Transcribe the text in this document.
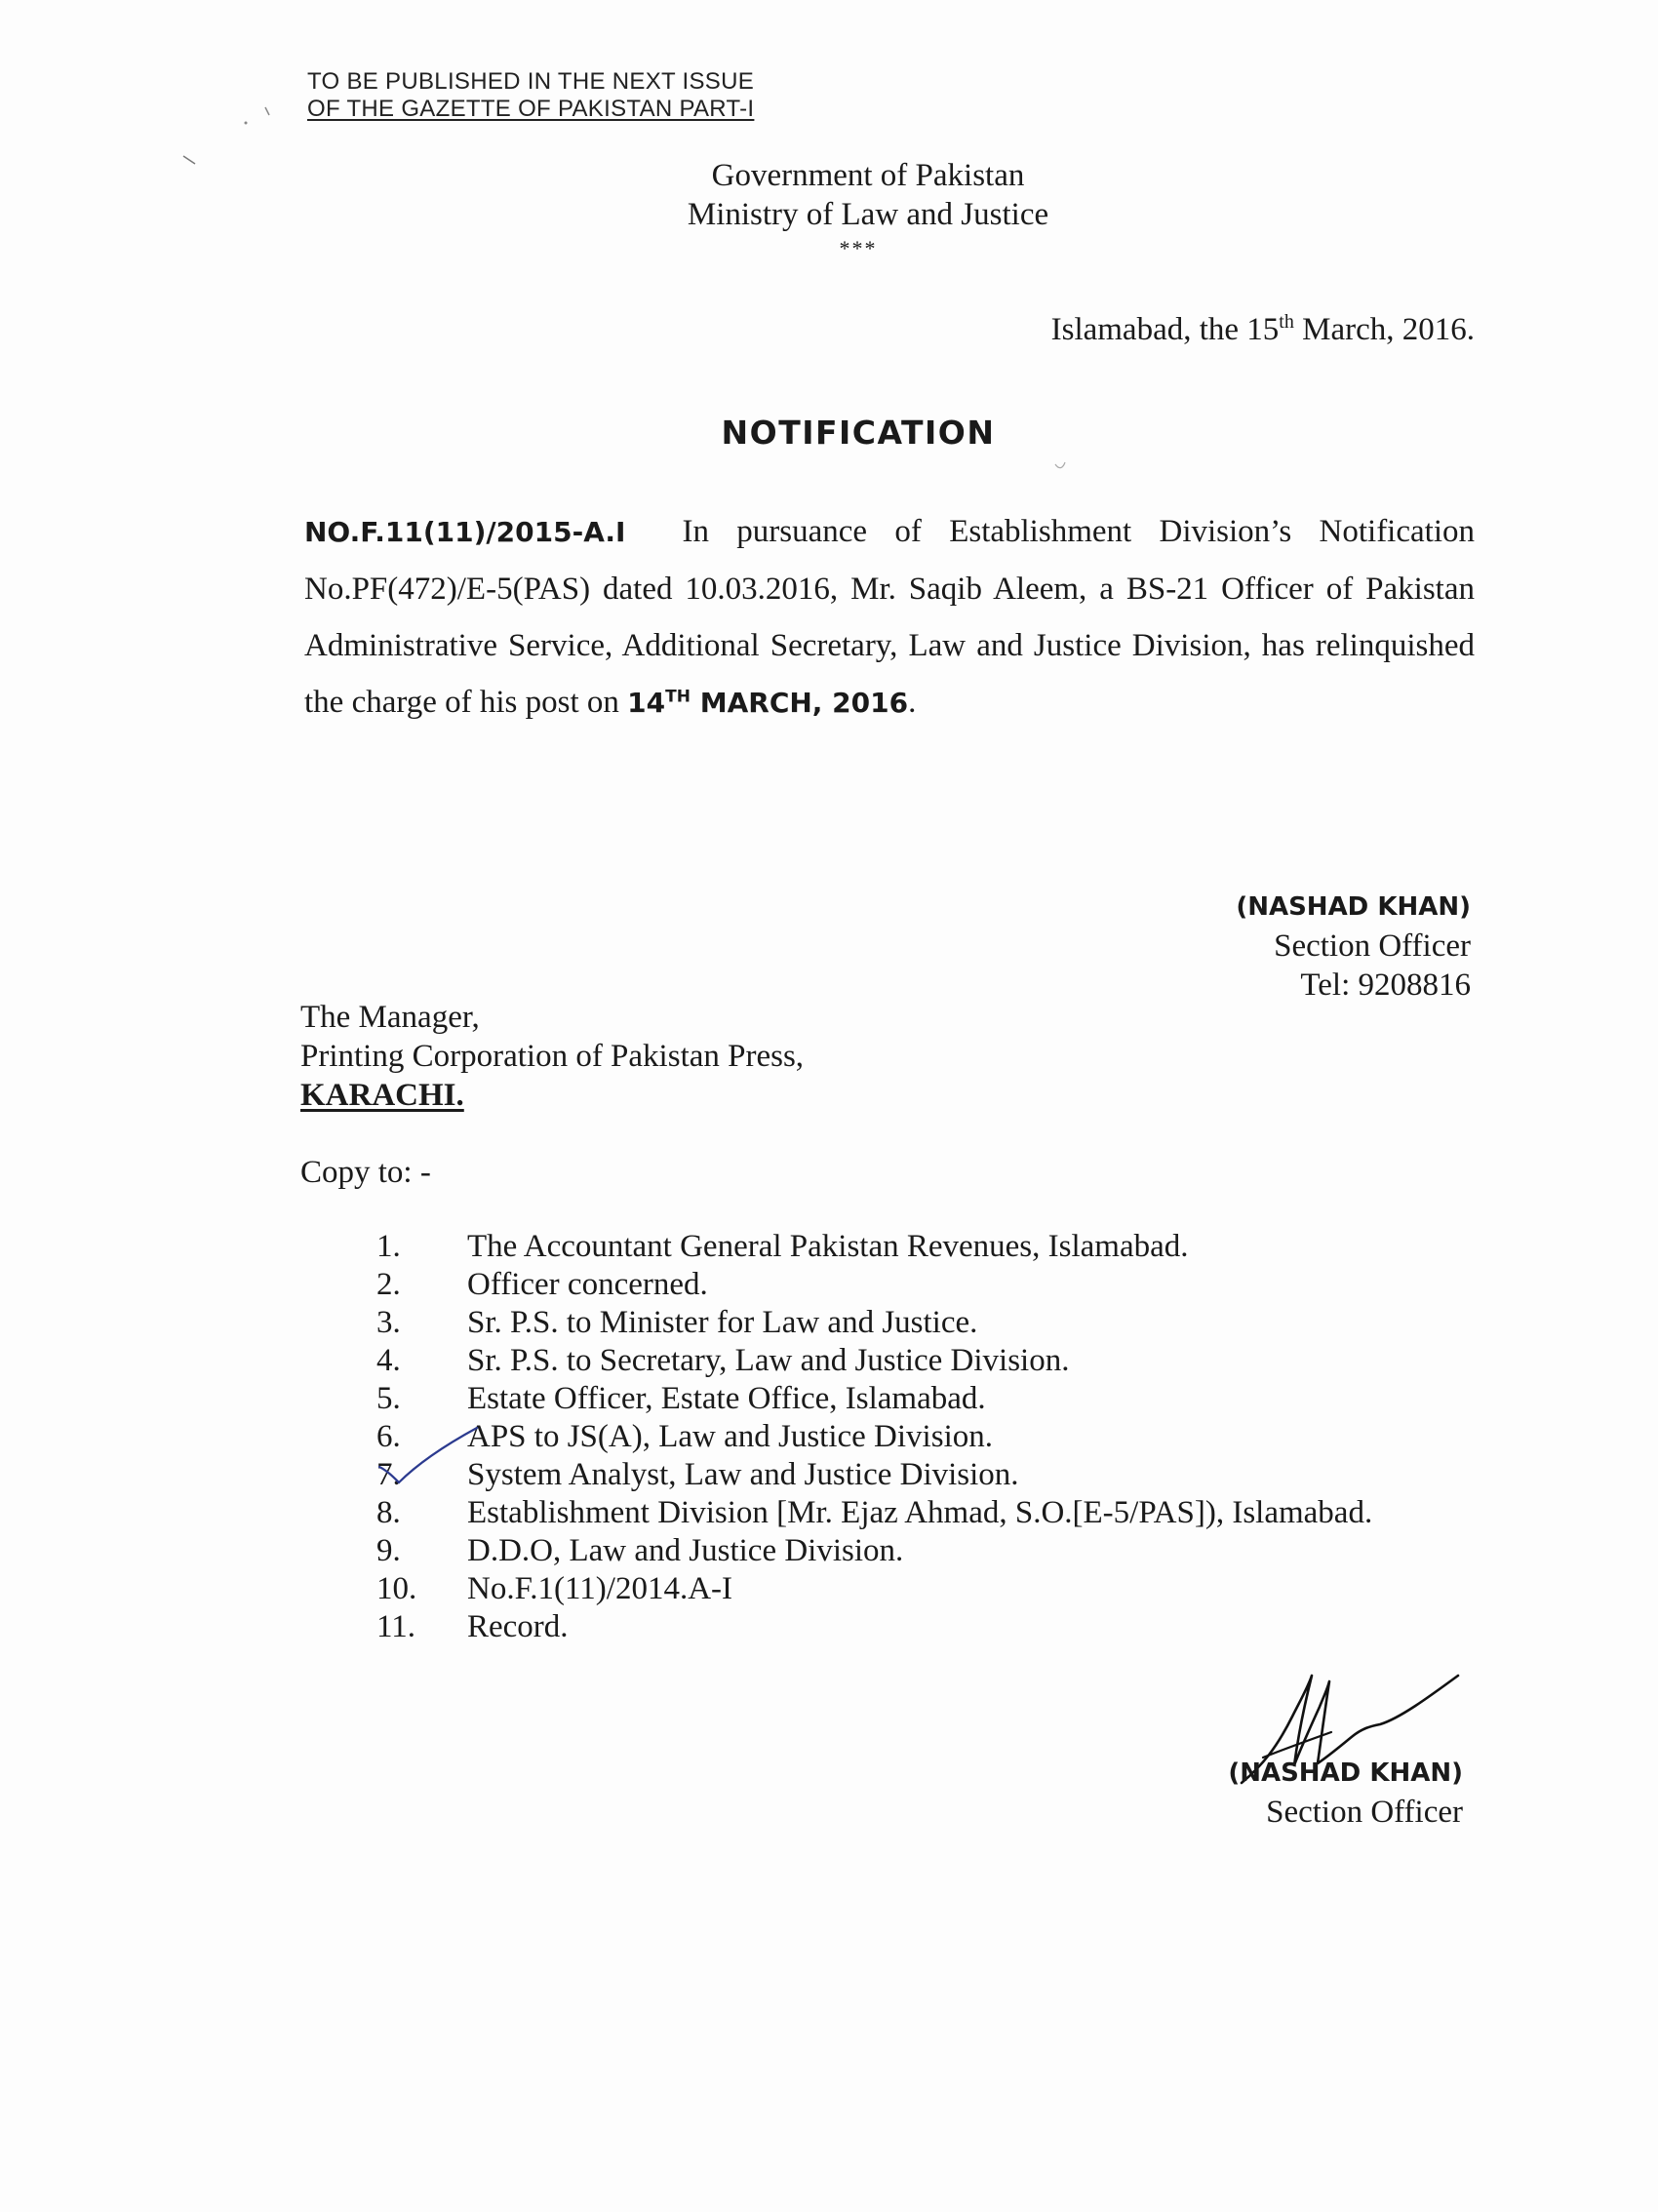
TO BE PUBLISHED IN THE NEXT ISSUE
OF THE GAZETTE OF PAKISTAN PART-I
Government of Pakistan
Ministry of Law and Justice
***
Islamabad, the 15th March, 2016.
NOTIFICATION
NO.F.11(11)/2015-A.I In pursuance of Establishment Division’s Notification No.PF(472)/E-5(PAS) dated 10.03.2016, Mr. Saqib Aleem, a BS-21 Officer of Pakistan Administrative Service, Additional Secretary, Law and Justice Division, has relinquished the charge of his post on 14TH MARCH, 2016.
(NASHAD KHAN)
Section Officer
Tel: 9208816
The Manager,
Printing Corporation of Pakistan Press,
KARACHI.
Copy to: -
1.	The Accountant General Pakistan Revenues, Islamabad.
2.	Officer concerned.
3.	Sr. P.S. to Minister for Law and Justice.
4.	Sr. P.S. to Secretary, Law and Justice Division.
5.	Estate Officer, Estate Office, Islamabad.
6.	APS to JS(A), Law and Justice Division.
7.	System Analyst, Law and Justice Division.
8.	Establishment Division [Mr. Ejaz Ahmad, S.O.[E-5/PAS]), Islamabad.
9.	D.D.O, Law and Justice Division.
10.	No.F.1(11)/2014.A-I
11.	Record.
(NASHAD KHAN)
Section Officer
